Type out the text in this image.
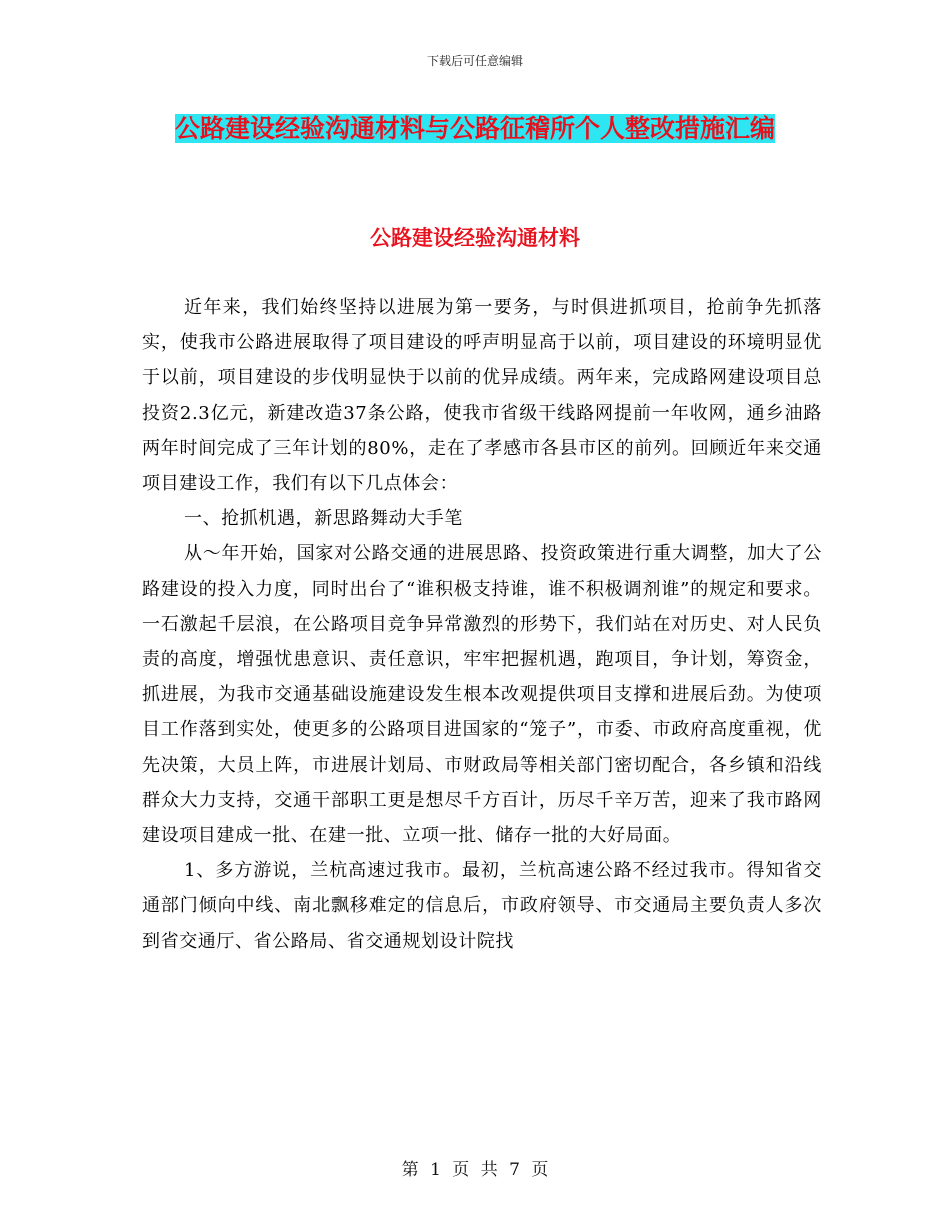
下载后可任意编辑
公路建设经验沟通材料与公路征稽所个人整改措施汇编
公路建设经验沟通材料

近年来，我们始终坚持以进展为第一要务，与时俱进抓项目，抢前争先抓落实，使我市公路进展取得了项目建设的呼声明显高于以前，项目建设的环境明显优于以前，项目建设的步伐明显快于以前的优异成绩。两年来，完成路网建设项目总投资2.3亿元，新建改造37条公路，使我市省级干线路网提前一年收网，通乡油路两年时间完成了三年计划的80%，走在了孝感市各县市区的前列。回顾近年来交通项目建设工作，我们有以下几点体会：

一、抢抓机遇，新思路舞动大手笔

从～年开始，国家对公路交通的进展思路、投资政策进行重大调整，加大了公路建设的投入力度，同时出台了“谁积极支持谁，谁不积极调剂谁”的规定和要求。一石激起千层浪，在公路项目竞争异常激烈的形势下，我们站在对历史、对人民负责的高度，增强忧患意识、责任意识，牢牢把握机遇，跑项目，争计划，筹资金，抓进展，为我市交通基础设施建设发生根本改观提供项目支撑和进展后劲。为使项目工作落到实处，使更多的公路项目进国家的“笼子”，市委、市政府高度重视，优先决策，大员上阵，市进展计划局、市财政局等相关部门密切配合，各乡镇和沿线群众大力支持，交通干部职工更是想尽千方百计，历尽千辛万苦，迎来了我市路网建设项目建成一批、在建一批、立项一批、储存一批的大好局面。

1、多方游说，兰杭高速过我市。最初，兰杭高速公路不经过我市。得知省交通部门倾向中线、南北飘移难定的信息后，市政府领导、市交通局主要负责人多次到省交通厅、省公路局、省交通规划设计院找

第 1 页 共 7 页
